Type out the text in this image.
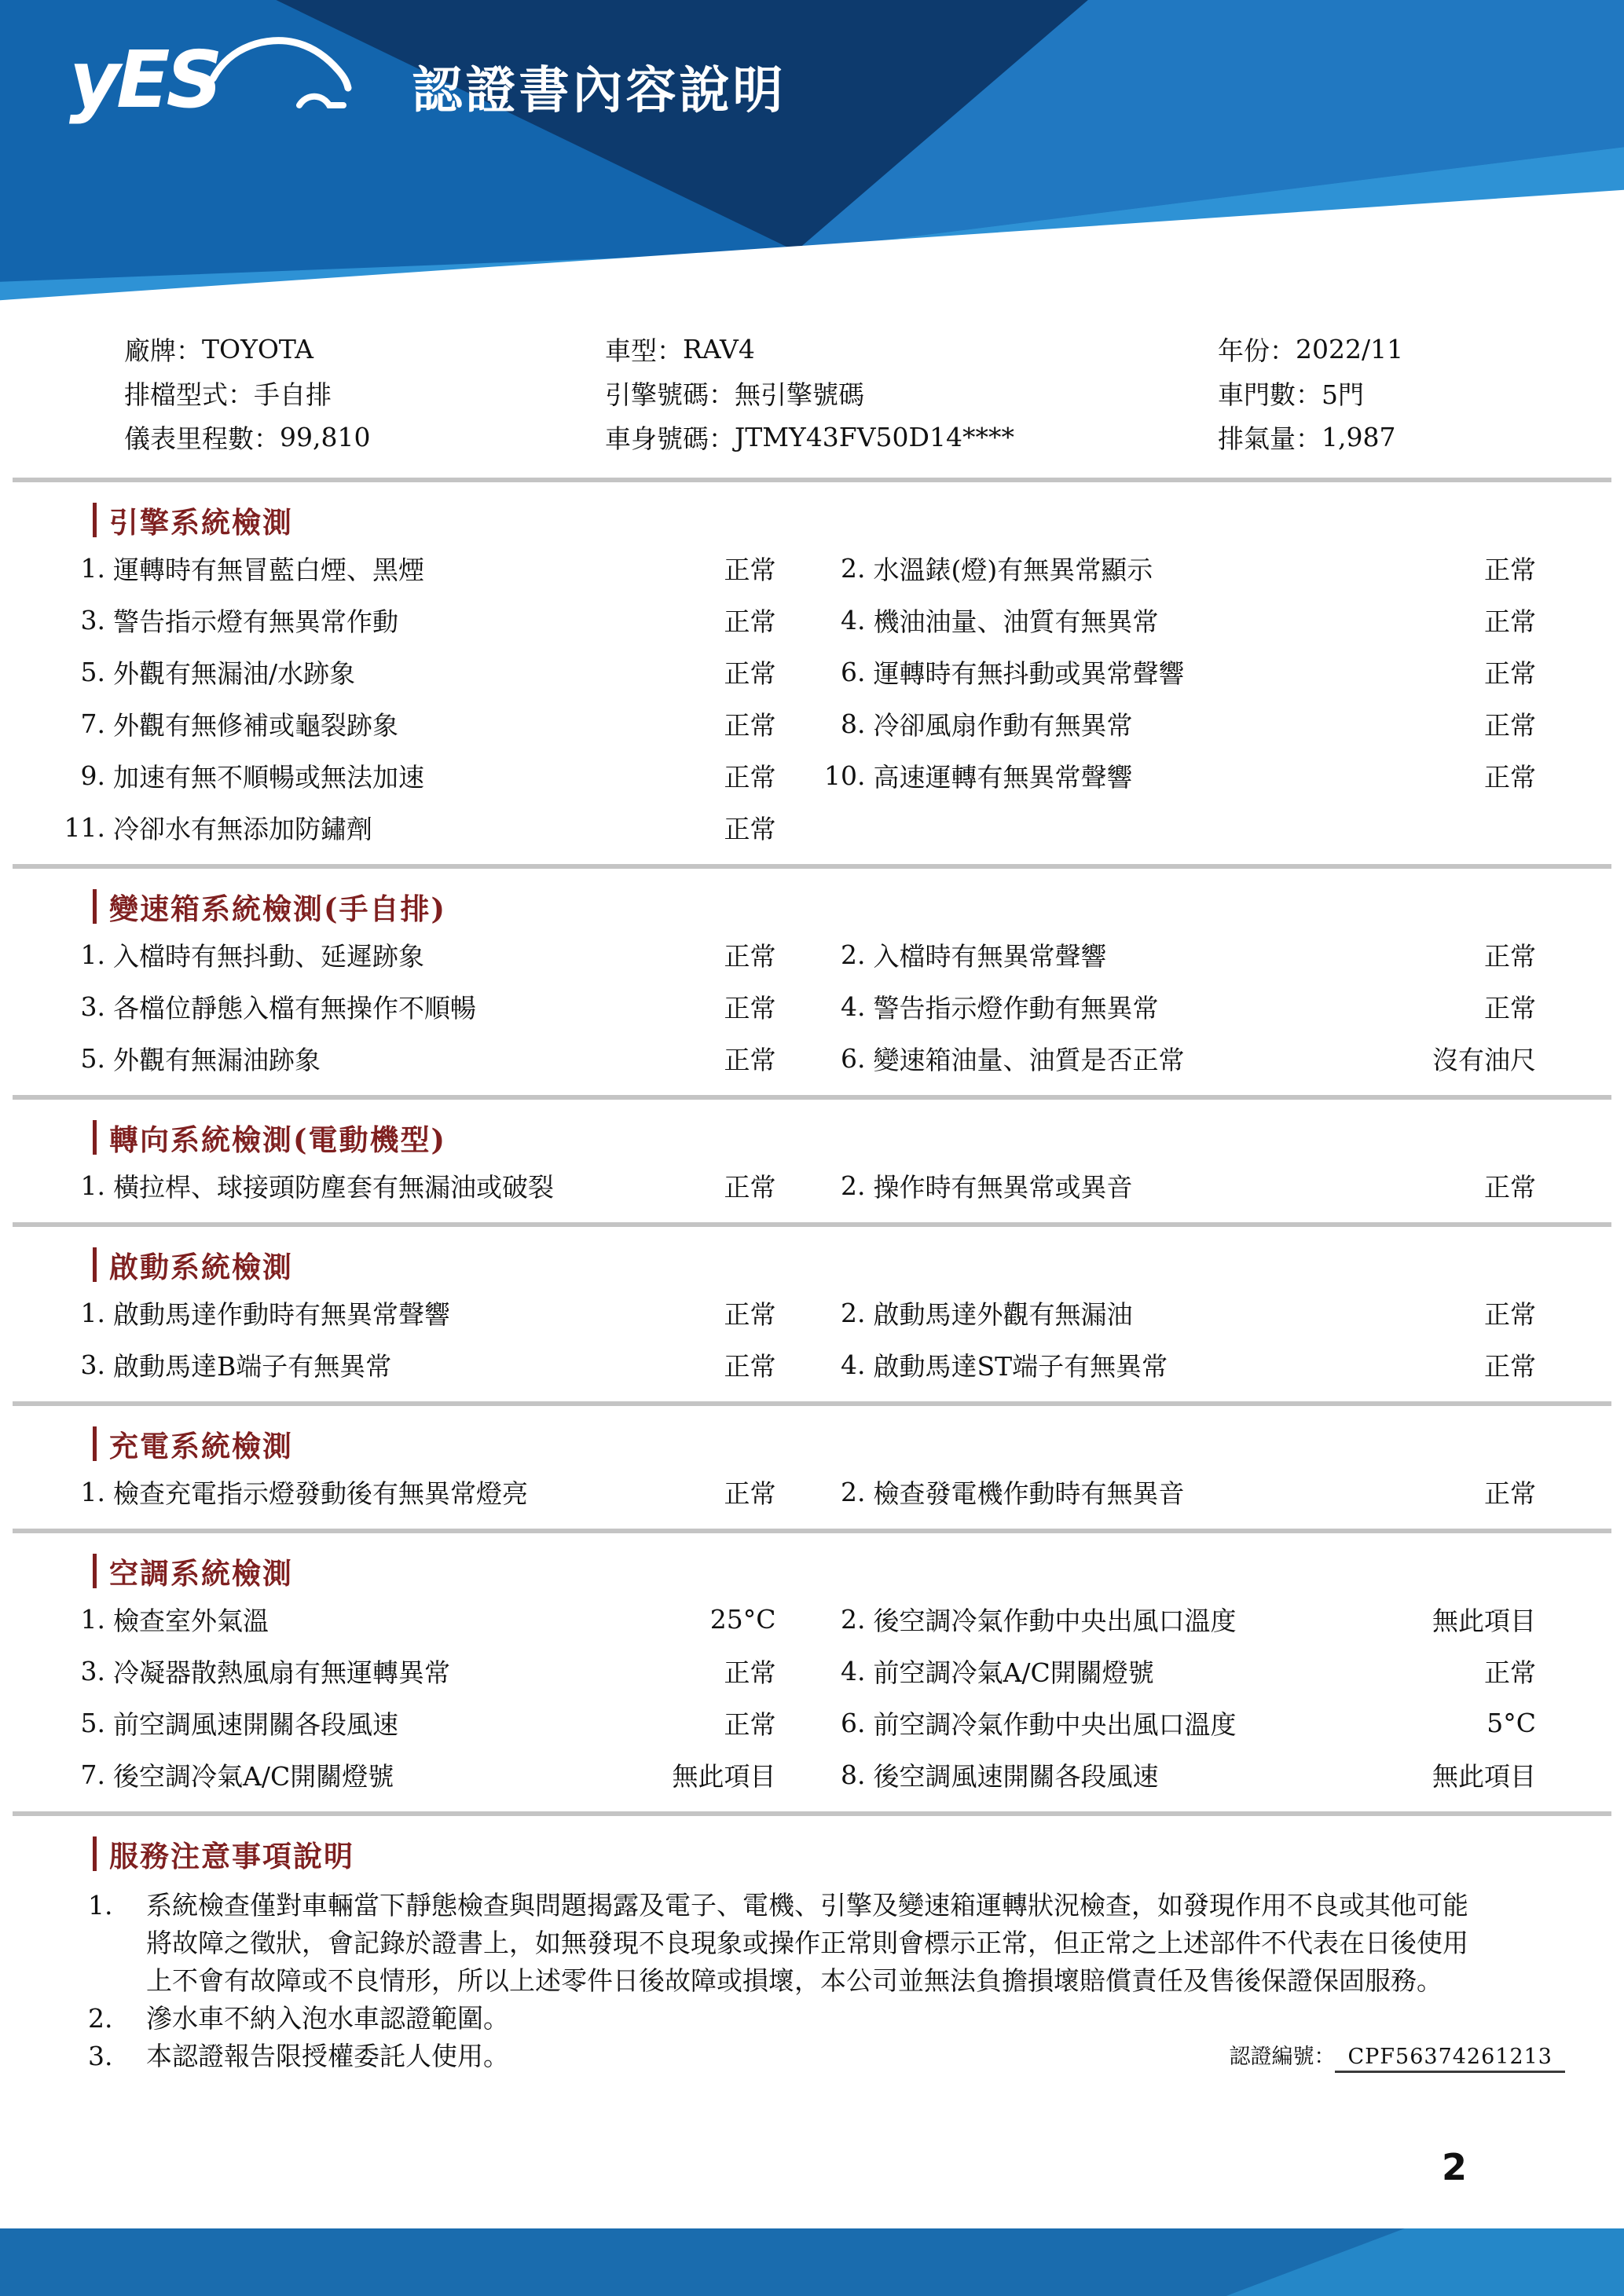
yES	認證書內容說明
廠牌： TOYOTA	車型： RAV4	年份： 2022/11
排檔型式： 手自排	引擎號碼： 無引擎號碼	車門數： 5門
儀表里程數： 99,810	車身號碼： JTMY43FV50D14****	排氣量： 1,987
引擎系統檢測
1. 運轉時有無冒藍白煙、黑煙	正常	2. 水溫錶(燈)有無異常顯示	正常
3. 警告指示燈有無異常作動	正常	4. 機油油量、油質有無異常	正常
5. 外觀有無漏油/水跡象	正常	6. 運轉時有無抖動或異常聲響	正常
7. 外觀有無修補或龜裂跡象	正常	8. 冷卻風扇作動有無異常	正常
9. 加速有無不順暢或無法加速	正常	10. 高速運轉有無異常聲響	正常
11. 冷卻水有無添加防鏽劑	正常
變速箱系統檢測(手自排)
1. 入檔時有無抖動、延遲跡象	正常	2. 入檔時有無異常聲響	正常
3. 各檔位靜態入檔有無操作不順暢	正常	4. 警告指示燈作動有無異常	正常
5. 外觀有無漏油跡象	正常	6. 變速箱油量、油質是否正常	沒有油尺
轉向系統檢測(電動機型)
1. 橫拉桿、球接頭防塵套有無漏油或破裂	正常	2. 操作時有無異常或異音	正常
啟動系統檢測
1. 啟動馬達作動時有無異常聲響	正常	2. 啟動馬達外觀有無漏油	正常
3. 啟動馬達B端子有無異常	正常	4. 啟動馬達ST端子有無異常	正常
充電系統檢測
1. 檢查充電指示燈發動後有無異常燈亮	正常	2. 檢查發電機作動時有無異音	正常
空調系統檢測
1. 檢查室外氣溫	25°C	2. 後空調冷氣作動中央出風口溫度	無此項目
3. 冷凝器散熱風扇有無運轉異常	正常	4. 前空調冷氣A/C開關燈號	正常
5. 前空調風速開關各段風速	正常	6. 前空調冷氣作動中央出風口溫度	5°C
7. 後空調冷氣A/C開關燈號	無此項目	8. 後空調風速開關各段風速	無此項目
服務注意事項說明
1.	系統檢查僅對車輛當下靜態檢查與問題揭露及電子、電機、引擎及變速箱運轉狀況檢查，如發現作用不良或其他可能將故障之徵狀，會記錄於證書上，如無發現不良現象或操作正常則會標示正常，但正常之上述部件不代表在日後使用上不會有故障或不良情形，所以上述零件日後故障或損壞，本公司並無法負擔損壞賠償責任及售後保證保固服務。
2.	滲水車不納入泡水車認證範圍。
3.	本認證報告限授權委託人使用。	認證編號： CPF56374261213
2
